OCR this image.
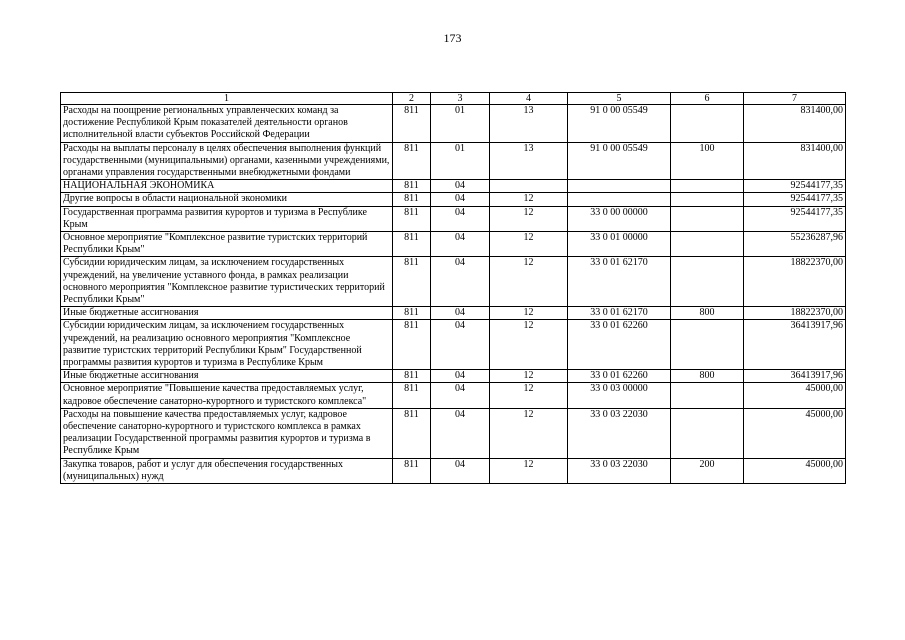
173
1	2	3	4	5	6	7
Расходы на поощрение региональных управленческих команд за достижение Республикой Крым показателей деятельности органов исполнительной власти субъектов Российской Федерации	811	01	13	91 0 00 05549		831400,00
Расходы на выплаты персоналу в целях обеспечения выполнения функций государственными (муниципальными) органами, казенными учреждениями, органами управления государственными внебюджетными фондами	811	01	13	91 0 00 05549	100	831400,00
НАЦИОНАЛЬНАЯ ЭКОНОМИКА	811	04				92544177,35
Другие вопросы в области национальной экономики	811	04	12			92544177,35
Государственная программа развития курортов и туризма в Республике Крым	811	04	12	33 0 00 00000		92544177,35
Основное мероприятие "Комплексное развитие туристских территорий Республики Крым"	811	04	12	33 0 01 00000		55236287,96
Субсидии юридическим лицам, за исключением государственных учреждений, на увеличение уставного фонда, в рамках реализации основного мероприятия "Комплексное развитие туристических территорий Республики Крым"	811	04	12	33 0 01 62170		18822370,00
Иные бюджетные ассигнования	811	04	12	33 0 01 62170	800	18822370,00
Субсидии юридическим лицам, за исключением государственных учреждений, на реализацию основного мероприятия "Комплексное развитие туристских территорий Республики Крым" Государственной программы развития курортов и туризма в Республике Крым	811	04	12	33 0 01 62260		36413917,96
Иные бюджетные ассигнования	811	04	12	33 0 01 62260	800	36413917,96
Основное мероприятие "Повышение качества предоставляемых услуг, кадровое обеспечение санаторно-курортного и туристского комплекса"	811	04	12	33 0 03 00000		45000,00
Расходы на повышение качества предоставляемых услуг, кадровое обеспечение санаторно-курортного и туристского комплекса в рамках реализации Государственной программы развития курортов и туризма в Республике Крым	811	04	12	33 0 03 22030		45000,00
Закупка товаров, работ и услуг для обеспечения государственных (муниципальных) нужд	811	04	12	33 0 03 22030	200	45000,00
